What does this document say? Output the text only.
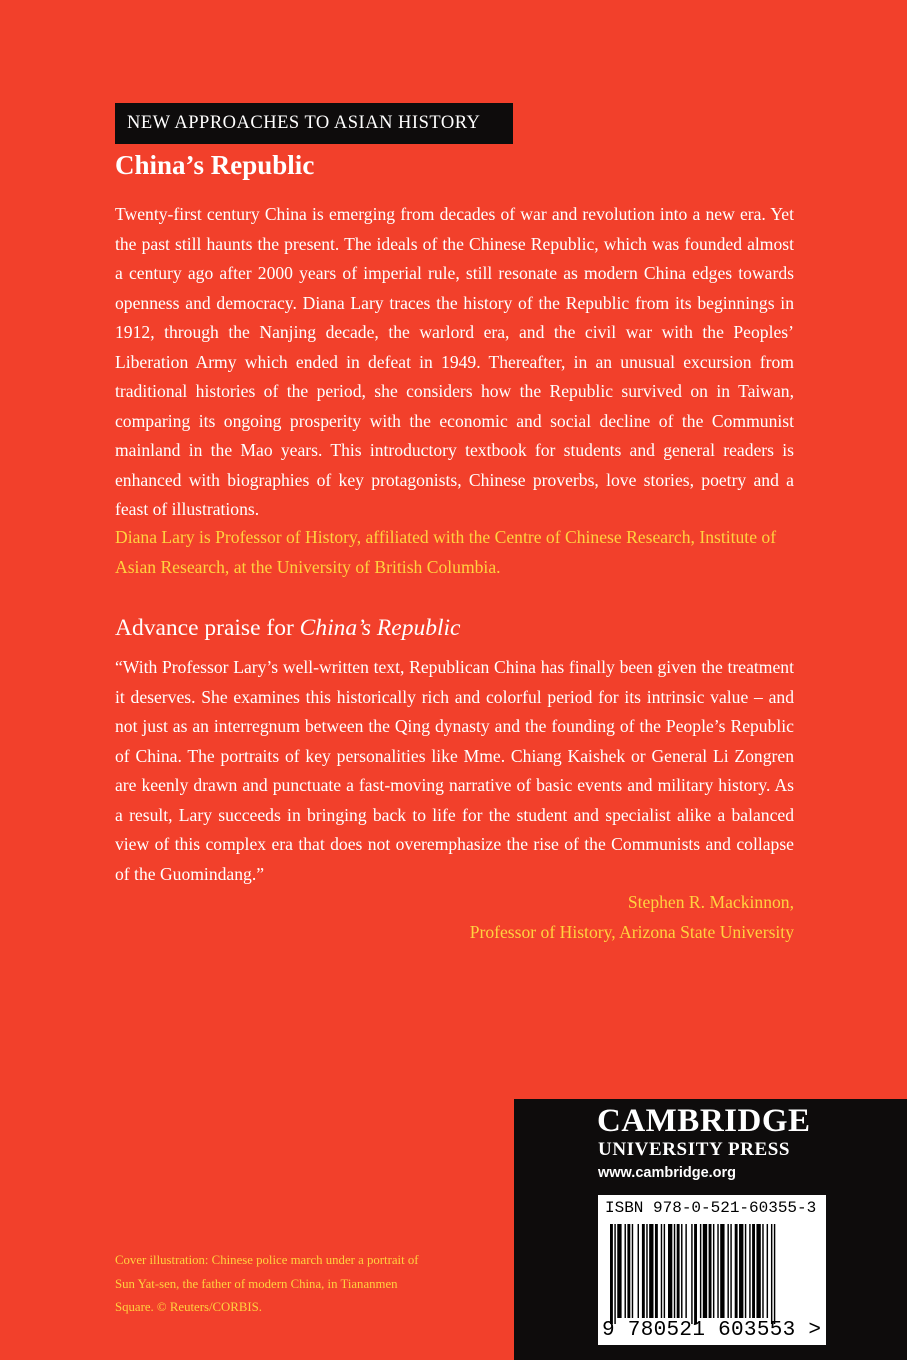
NEW APPROACHES TO ASIAN HISTORY
China’s Republic

Twenty-first century China is emerging from decades of war and revolution into a new era. Yet the past still haunts the present. The ideals of the Chinese Republic, which was founded almost a century ago after 2000 years of imperial rule, still resonate as modern China edges towards openness and democracy. Diana Lary traces the history of the Republic from its beginnings in 1912, through the Nanjing decade, the warlord era, and the civil war with the Peoples’ Liberation Army which ended in defeat in 1949. Thereafter, in an unusual excursion from traditional histories of the period, she considers how the Republic survived on in Taiwan, comparing its ongoing prosperity with the economic and social decline of the Communist mainland in the Mao years. This introductory textbook for students and general readers is enhanced with biographies of key protagonists, Chinese proverbs, love stories, poetry and a feast of illustrations.

Diana Lary is Professor of History, affiliated with the Centre of Chinese Research, Institute of Asian Research, at the University of British Columbia.

Advance praise for China’s Republic

“With Professor Lary’s well-written text, Republican China has finally been given the treatment it deserves. She examines this historically rich and colorful period for its intrinsic value – and not just as an interregnum between the Qing dynasty and the founding of the People’s Republic of China. The portraits of key personalities like Mme. Chiang Kaishek or General Li Zongren are keenly drawn and punctuate a fast-moving narrative of basic events and military history. As a result, Lary succeeds in bringing back to life for the student and specialist alike a balanced view of this complex era that does not overemphasize the rise of the Communists and collapse of the Guomindang.”

Stephen R. Mackinnon,
Professor of History, Arizona State University

Cover illustration: Chinese police march under a portrait of Sun Yat-sen, the father of modern China, in Tiananmen Square. © Reuters/CORBIS.

CAMBRIDGE
UNIVERSITY PRESS
www.cambridge.org
ISBN 978-0-521-60355-3
9 780521 603553 >
